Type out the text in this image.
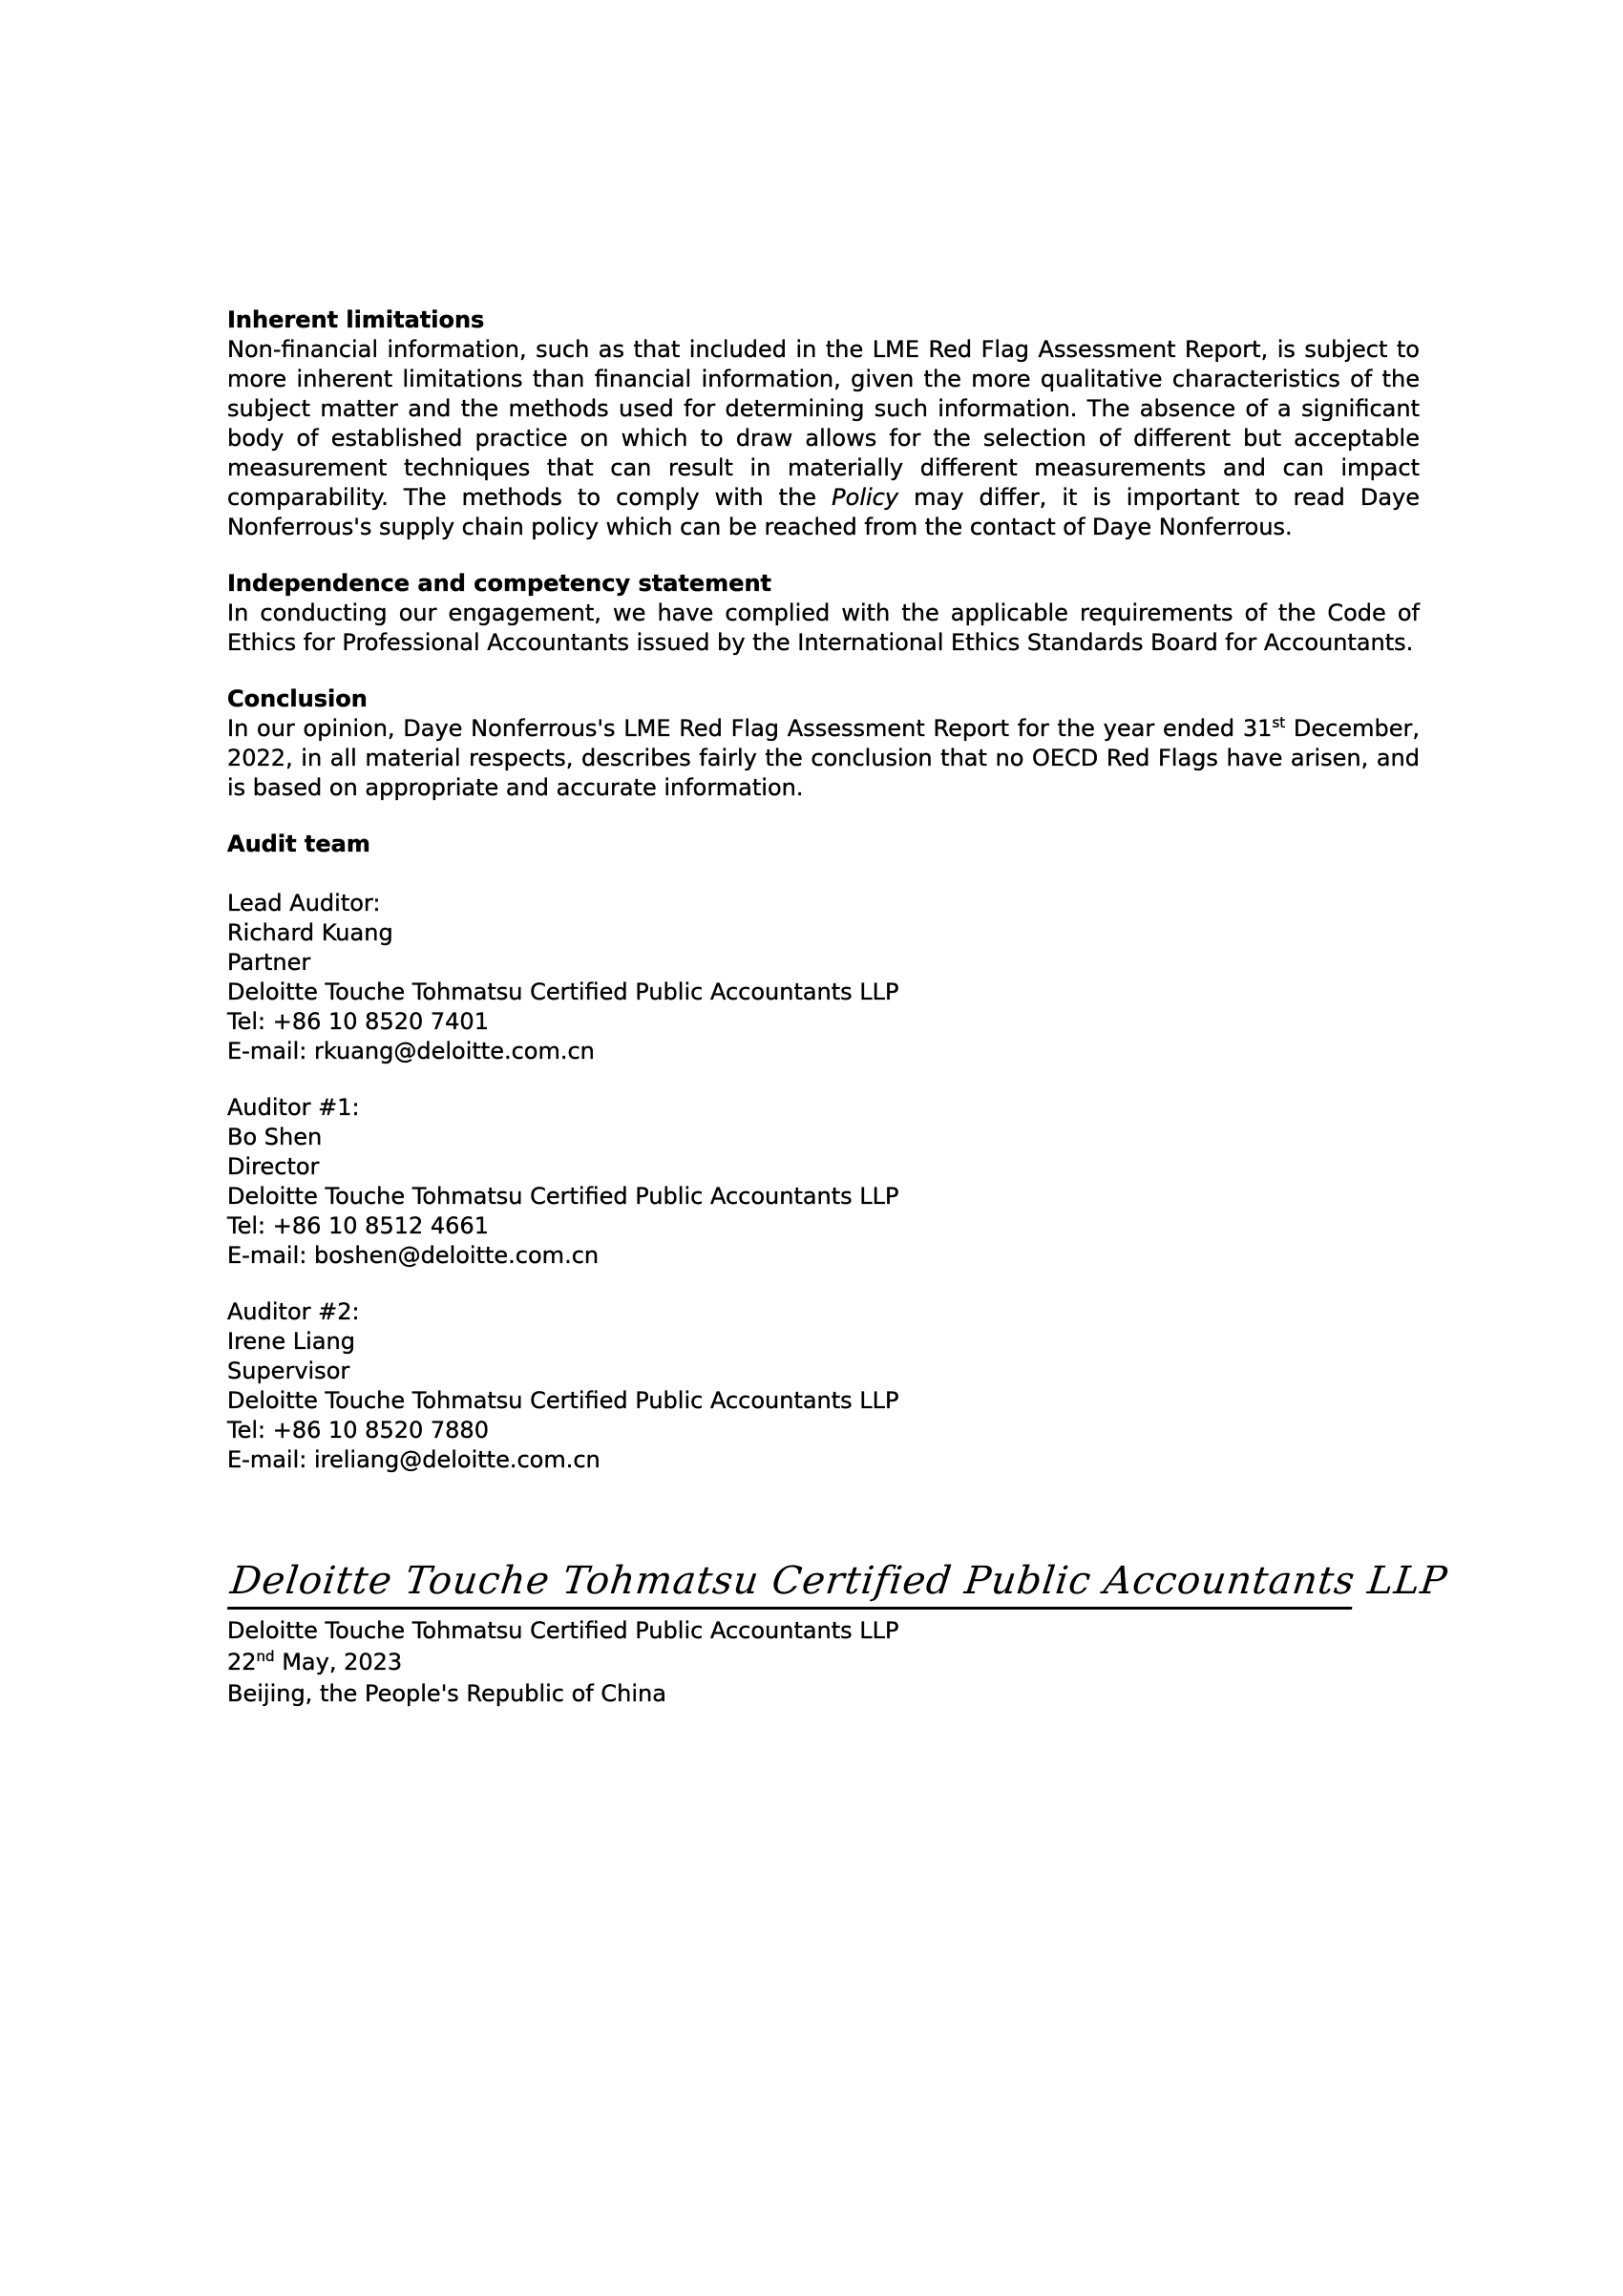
Inherent limitations

Non-financial information, such as that included in the LME Red Flag Assessment Report, is subject to more inherent limitations than financial information, given the more qualitative characteristics of the subject matter and the methods used for determining such information. The absence of a significant body of established practice on which to draw allows for the selection of different but acceptable measurement techniques that can result in materially different measurements and can impact comparability. The methods to comply with the Policy may differ, it is important to read Daye Nonferrous's supply chain policy which can be reached from the contact of Daye Nonferrous.

Independence and competency statement

In conducting our engagement, we have complied with the applicable requirements of the Code of Ethics for Professional Accountants issued by the International Ethics Standards Board for Accountants.

Conclusion

In our opinion, Daye Nonferrous's LME Red Flag Assessment Report for the year ended 31st December, 2022, in all material respects, describes fairly the conclusion that no OECD Red Flags have arisen, and is based on appropriate and accurate information.

Audit team
Lead Auditor:
Richard Kuang
Partner
Deloitte Touche Tohmatsu Certified Public Accountants LLP
Tel: +86 10 8520 7401
E-mail: rkuang@deloitte.com.cn
Auditor #1:
Bo Shen
Director
Deloitte Touche Tohmatsu Certified Public Accountants LLP
Tel: +86 10 8512 4661
E-mail: boshen@deloitte.com.cn
Auditor #2:
Irene Liang
Supervisor
Deloitte Touche Tohmatsu Certified Public Accountants LLP
Tel: +86 10 8520 7880
E-mail: ireliang@deloitte.com.cn
Deloitte Touche Tohmatsu Certified Public Accountants LLP
Deloitte Touche Tohmatsu Certified Public Accountants LLP
22nd May, 2023
Beijing, the People's Republic of China
